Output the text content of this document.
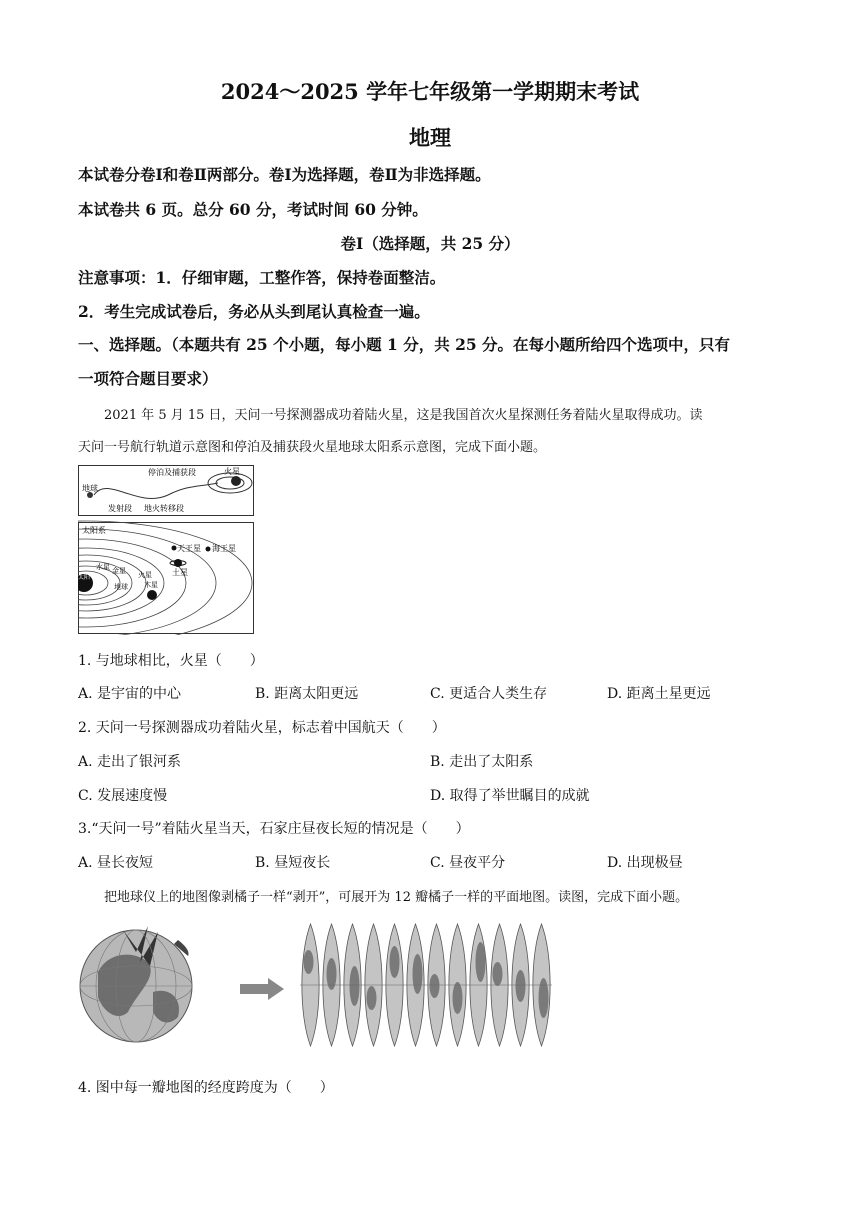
2024～2025 学年七年级第一学期期末考试
地理
本试卷分卷Ⅰ和卷Ⅱ两部分。卷Ⅰ为选择题，卷Ⅱ为非选择题。
本试卷共 6 页。总分 60 分，考试时间 60 分钟。
卷Ⅰ（选择题，共 25 分）
注意事项：1．仔细审题，工整作答，保持卷面整洁。
2．考生完成试卷后，务必从头到尾认真检查一遍。
一、选择题。（本题共有 25 个小题，每小题 1 分，共 25 分。在每小题所给四个选项中，只有
一项符合题目要求）
2021 年 5 月 15 日，天问一号探测器成功着陆火星，这是我国首次火星探测任务着陆火星取得成功。读
天问一号航行轨道示意图和停泊及捕获段火星地球太阳系示意图，完成下面小题。
停泊及捕获段	火星
地球
发射段 地火转移段
太阳系
天王星 海王星
土星
太阳
水星 金星
地球
火星
木星
1. 与地球相比，火星（　　）
A. 是宇宙的中心	B. 距离太阳更远	C. 更适合人类生存	D. 距离土星更远
2. 天问一号探测器成功着陆火星，标志着中国航天（　　）
A. 走出了银河系	B. 走出了太阳系
C. 发展速度慢	D. 取得了举世瞩目的成就
3.“天问一号”着陆火星当天，石家庄昼夜长短的情况是（　　）
A. 昼长夜短	B. 昼短夜长	C. 昼夜平分	D. 出现极昼
把地球仪上的地图像剥橘子一样“剥开”，可展开为 12 瓣橘子一样的平面地图。读图，完成下面小题。
4. 图中每一瓣地图的经度跨度为（　　）
